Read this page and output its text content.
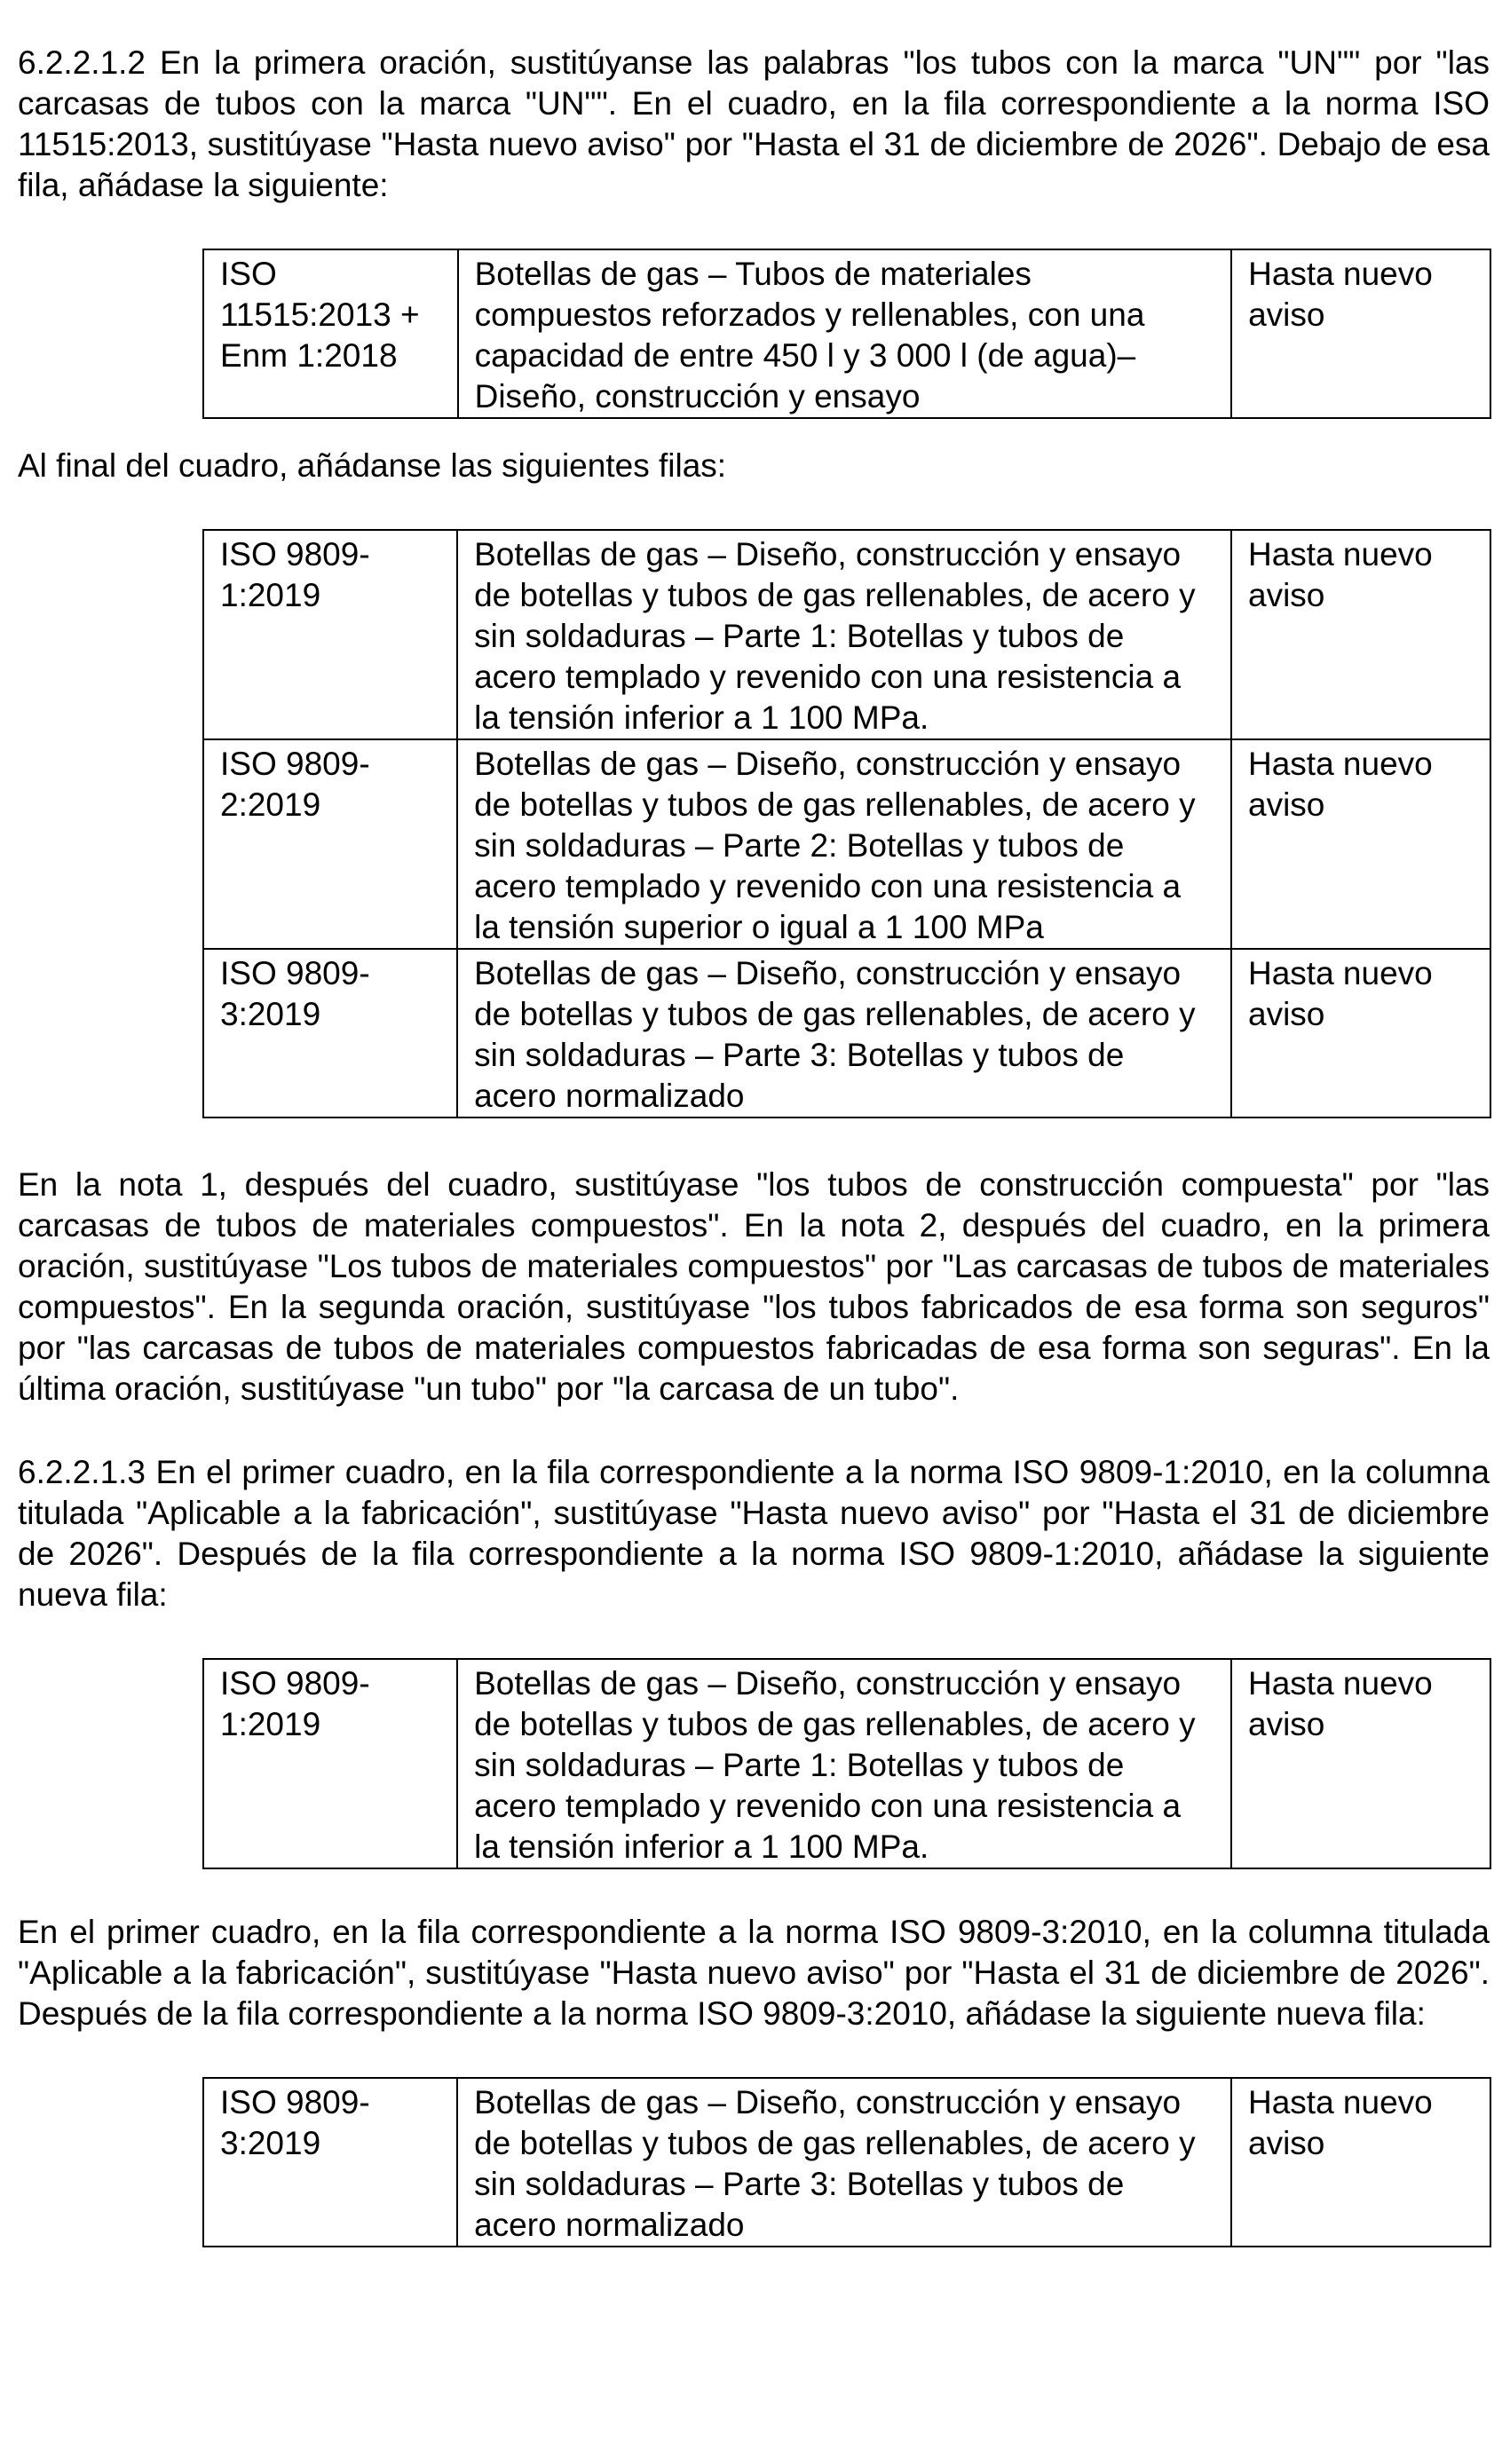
6.2.2.1.2 En la primera oración, sustitúyanse las palabras "los tubos con la marca "UN"" por "las carcasas de tubos con la marca "UN"". En el cuadro, en la fila correspondiente a la norma ISO 11515:2013, sustitúyase "Hasta nuevo aviso" por "Hasta el 31 de diciembre de 2026". Debajo de esa fila, añádase la siguiente:

ISO 11515:2013 + Enm 1:2018	Botellas de gas – Tubos de materiales compuestos reforzados y rellenables, con una capacidad de entre 450 l y 3 000 l (de agua)– Diseño, construcción y ensayo	Hasta nuevo aviso

Al final del cuadro, añádanse las siguientes filas:

ISO 9809-1:2019	Botellas de gas – Diseño, construcción y ensayo de botellas y tubos de gas rellenables, de acero y sin soldaduras – Parte 1: Botellas y tubos de acero templado y revenido con una resistencia a la tensión inferior a 1 100 MPa.	Hasta nuevo aviso
ISO 9809-2:2019	Botellas de gas – Diseño, construcción y ensayo de botellas y tubos de gas rellenables, de acero y sin soldaduras – Parte 2: Botellas y tubos de acero templado y revenido con una resistencia a la tensión superior o igual a 1 100 MPa	Hasta nuevo aviso
ISO 9809-3:2019	Botellas de gas – Diseño, construcción y ensayo de botellas y tubos de gas rellenables, de acero y sin soldaduras – Parte 3: Botellas y tubos de acero normalizado	Hasta nuevo aviso

En la nota 1, después del cuadro, sustitúyase "los tubos de construcción compuesta" por "las carcasas de tubos de materiales compuestos". En la nota 2, después del cuadro, en la primera oración, sustitúyase "Los tubos de materiales compuestos" por "Las carcasas de tubos de materiales compuestos". En la segunda oración, sustitúyase "los tubos fabricados de esa forma son seguros" por "las carcasas de tubos de materiales compuestos fabricadas de esa forma son seguras". En la última oración, sustitúyase "un tubo" por "la carcasa de un tubo".

6.2.2.1.3 En el primer cuadro, en la fila correspondiente a la norma ISO 9809-1:2010, en la columna titulada "Aplicable a la fabricación", sustitúyase "Hasta nuevo aviso" por "Hasta el 31 de diciembre de 2026". Después de la fila correspondiente a la norma ISO 9809-1:2010, añádase la siguiente nueva fila:

ISO 9809-1:2019	Botellas de gas – Diseño, construcción y ensayo de botellas y tubos de gas rellenables, de acero y sin soldaduras – Parte 1: Botellas y tubos de acero templado y revenido con una resistencia a la tensión inferior a 1 100 MPa.	Hasta nuevo aviso

En el primer cuadro, en la fila correspondiente a la norma ISO 9809-3:2010, en la columna titulada "Aplicable a la fabricación", sustitúyase "Hasta nuevo aviso" por "Hasta el 31 de diciembre de 2026". Después de la fila correspondiente a la norma ISO 9809-3:2010, añádase la siguiente nueva fila:

ISO 9809-3:2019	Botellas de gas – Diseño, construcción y ensayo de botellas y tubos de gas rellenables, de acero y sin soldaduras – Parte 3: Botellas y tubos de acero normalizado	Hasta nuevo aviso
